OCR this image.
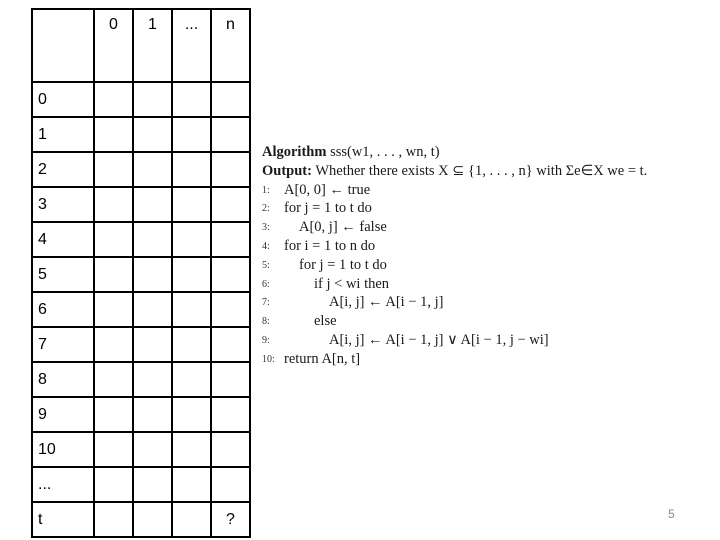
	0	1	...	n
0				
1				
2				
3				
4				
5				
6				
7				
8				
9				
10				
...				
t				?
Algorithm sss(w1, . . . , wn, t)
Output: Whether there exists X ⊆ {1, . . . , n} with Σe∈X we = t.
1: A[0, 0] ← true
2: for j = 1 to t do
3: A[0, j] ← false
4: for i = 1 to n do
5: for j = 1 to t do
6:	if j < wi then
7:	A[i, j] ← A[i − 1, j]
8:	else
9:	A[i, j] ← A[i − 1, j] ∨ A[i − 1, j − wi]
10: return A[n, t]
5
